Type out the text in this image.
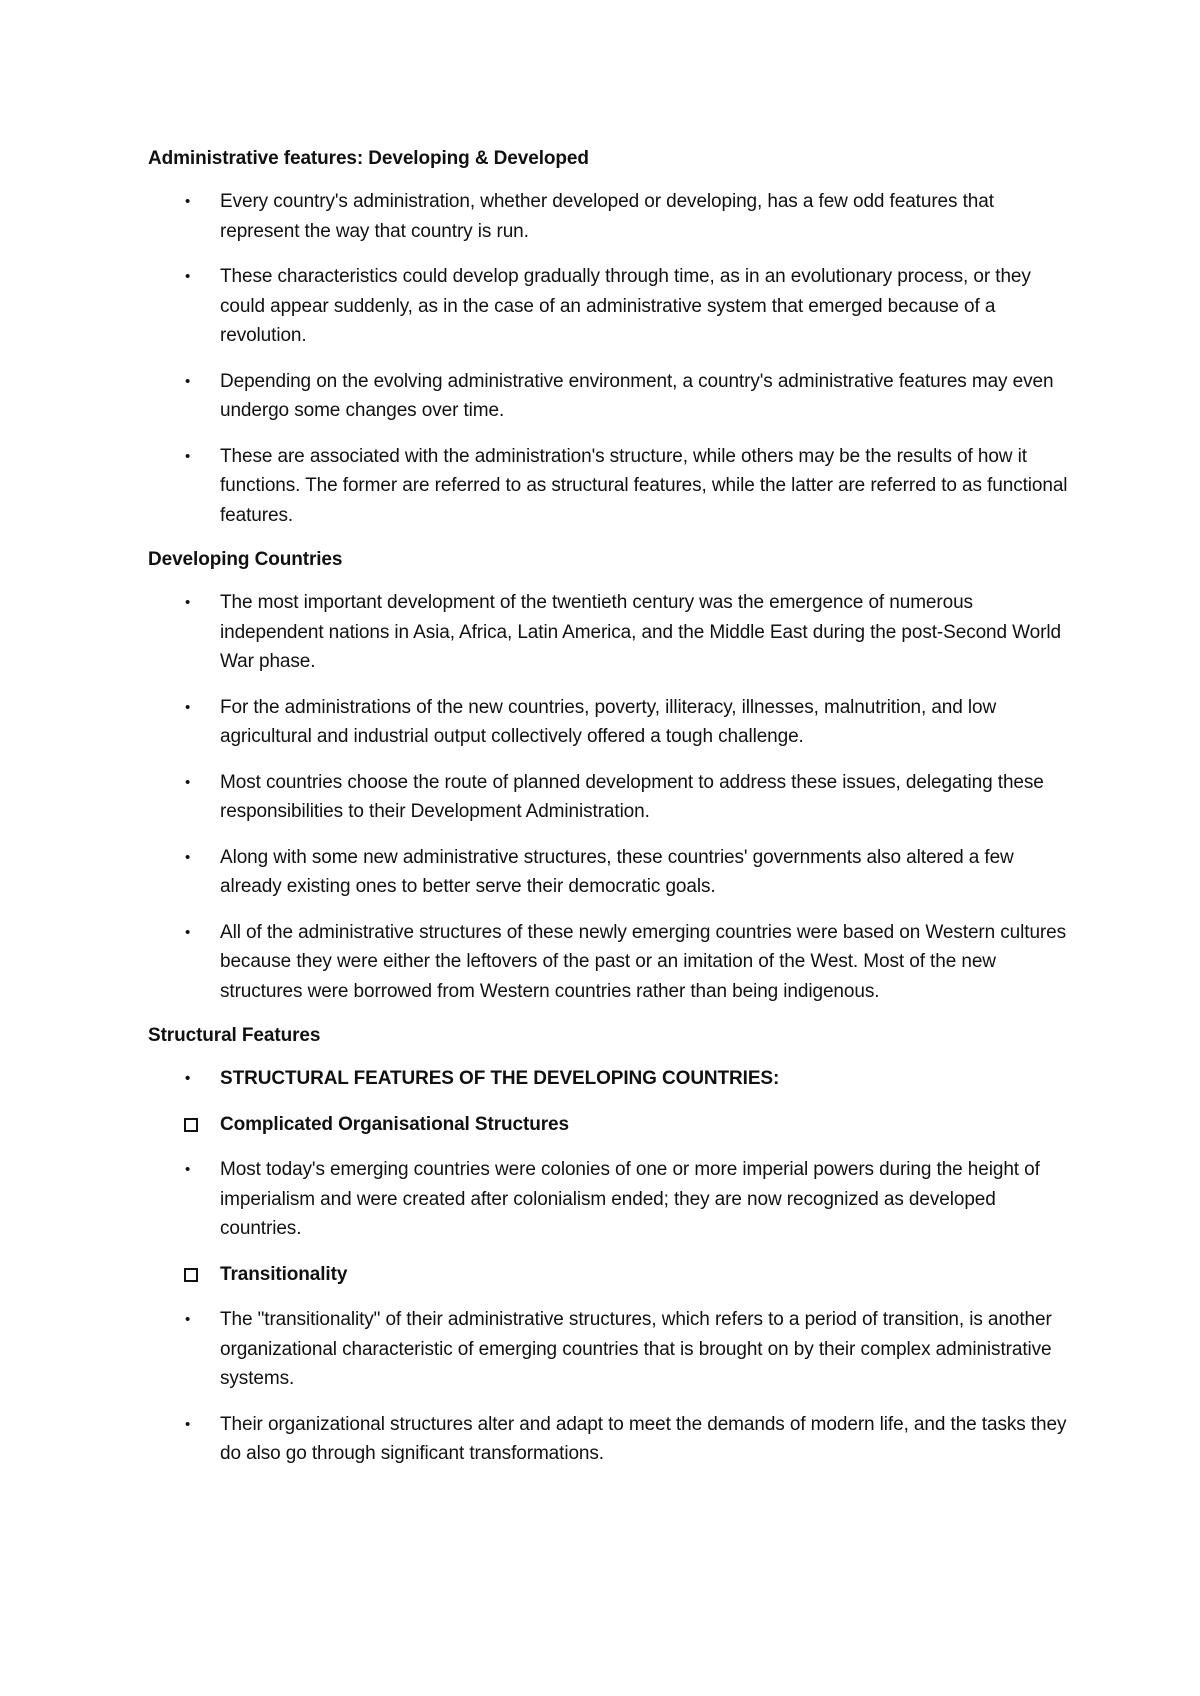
Administrative features: Developing & Developed
•	Every country's administration, whether developed or developing, has a few odd features that represent the way that country is run.
•	These characteristics could develop gradually through time, as in an evolutionary process, or they could appear suddenly, as in the case of an administrative system that emerged because of a revolution.
•	Depending on the evolving administrative environment, a country's administrative features may even undergo some changes over time.
•	These are associated with the administration's structure, while others may be the results of how it functions. The former are referred to as structural features, while the latter are referred to as functional features.
Developing Countries
•	The most important development of the twentieth century was the emergence of numerous independent nations in Asia, Africa, Latin America, and the Middle East during the post-Second World War phase.
•	For the administrations of the new countries, poverty, illiteracy, illnesses, malnutrition, and low agricultural and industrial output collectively offered a tough challenge.
•	Most countries choose the route of planned development to address these issues, delegating these responsibilities to their Development Administration.
•	Along with some new administrative structures, these countries' governments also altered a few already existing ones to better serve their democratic goals.
•	All of the administrative structures of these newly emerging countries were based on Western cultures because they were either the leftovers of the past or an imitation of the West. Most of the new structures were borrowed from Western countries rather than being indigenous.
Structural Features
•	STRUCTURAL FEATURES OF THE DEVELOPING COUNTRIES:
Complicated Organisational Structures
•	Most today's emerging countries were colonies of one or more imperial powers during the height of imperialism and were created after colonialism ended; they are now recognized as developed countries.
Transitionality
•	The "transitionality" of their administrative structures, which refers to a period of transition, is another organizational characteristic of emerging countries that is brought on by their complex administrative systems.
•	Their organizational structures alter and adapt to meet the demands of modern life, and the tasks they do also go through significant transformations.
